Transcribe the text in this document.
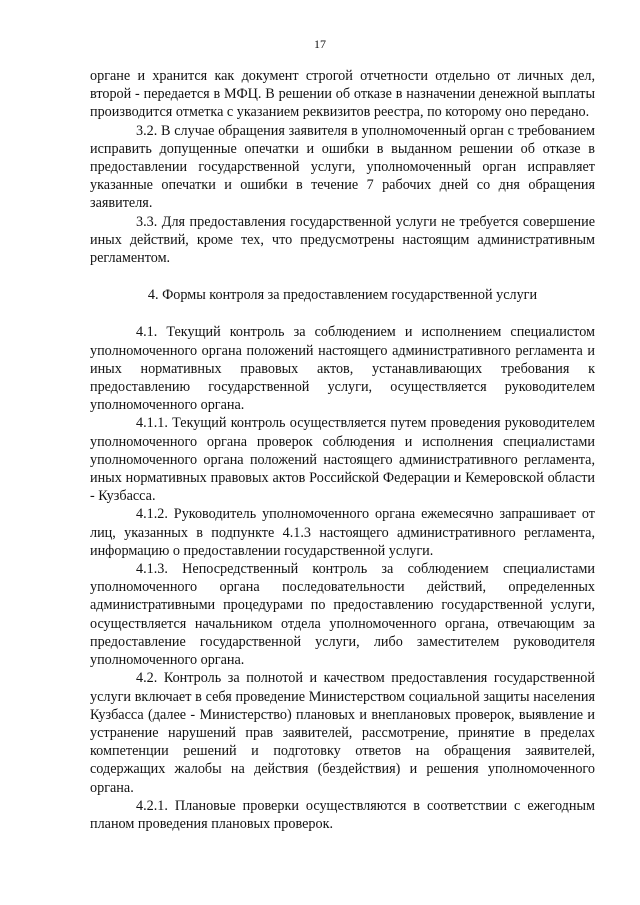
17

органе и хранится как документ строгой отчетности отдельно от личных дел, второй - передается в МФЦ. В решении об отказе в назначении денежной выплаты производится отметка с указанием реквизитов реестра, по которому оно передано.

3.2. В случае обращения заявителя в уполномоченный орган с требованием исправить допущенные опечатки и ошибки в выданном решении об отказе в предоставлении государственной услуги, уполномоченный орган исправляет указанные опечатки и ошибки в течение 7 рабочих дней со дня обращения заявителя.

3.3. Для предоставления государственной услуги не требуется совершение иных действий, кроме тех, что предусмотрены настоящим административным регламентом.

4. Формы контроля за предоставлением государственной услуги

4.1. Текущий контроль за соблюдением и исполнением специалистом уполномоченного органа положений настоящего административного регламента и иных нормативных правовых актов, устанавливающих требования к предоставлению государственной услуги, осуществляется руководителем уполномоченного органа.

4.1.1. Текущий контроль осуществляется путем проведения руководителем уполномоченного органа проверок соблюдения и исполнения специалистами уполномоченного органа положений настоящего административного регламента, иных нормативных правовых актов Российской Федерации и Кемеровской области - Кузбасса.

4.1.2. Руководитель уполномоченного органа ежемесячно запрашивает от лиц, указанных в подпункте 4.1.3 настоящего административного регламента, информацию о предоставлении государственной услуги.

4.1.3. Непосредственный контроль за соблюдением специалистами уполномоченного органа последовательности действий, определенных административными процедурами по предоставлению государственной услуги, осуществляется начальником отдела уполномоченного органа, отвечающим за предоставление государственной услуги, либо заместителем руководителя уполномоченного органа.

4.2. Контроль за полнотой и качеством предоставления государственной услуги включает в себя проведение Министерством социальной защиты населения Кузбасса (далее - Министерство) плановых и внеплановых проверок, выявление и устранение нарушений прав заявителей, рассмотрение, принятие в пределах компетенции решений и подготовку ответов на обращения заявителей, содержащих жалобы на действия (бездействия) и решения уполномоченного органа.

4.2.1. Плановые проверки осуществляются в соответствии с ежегодным планом проведения плановых проверок.
